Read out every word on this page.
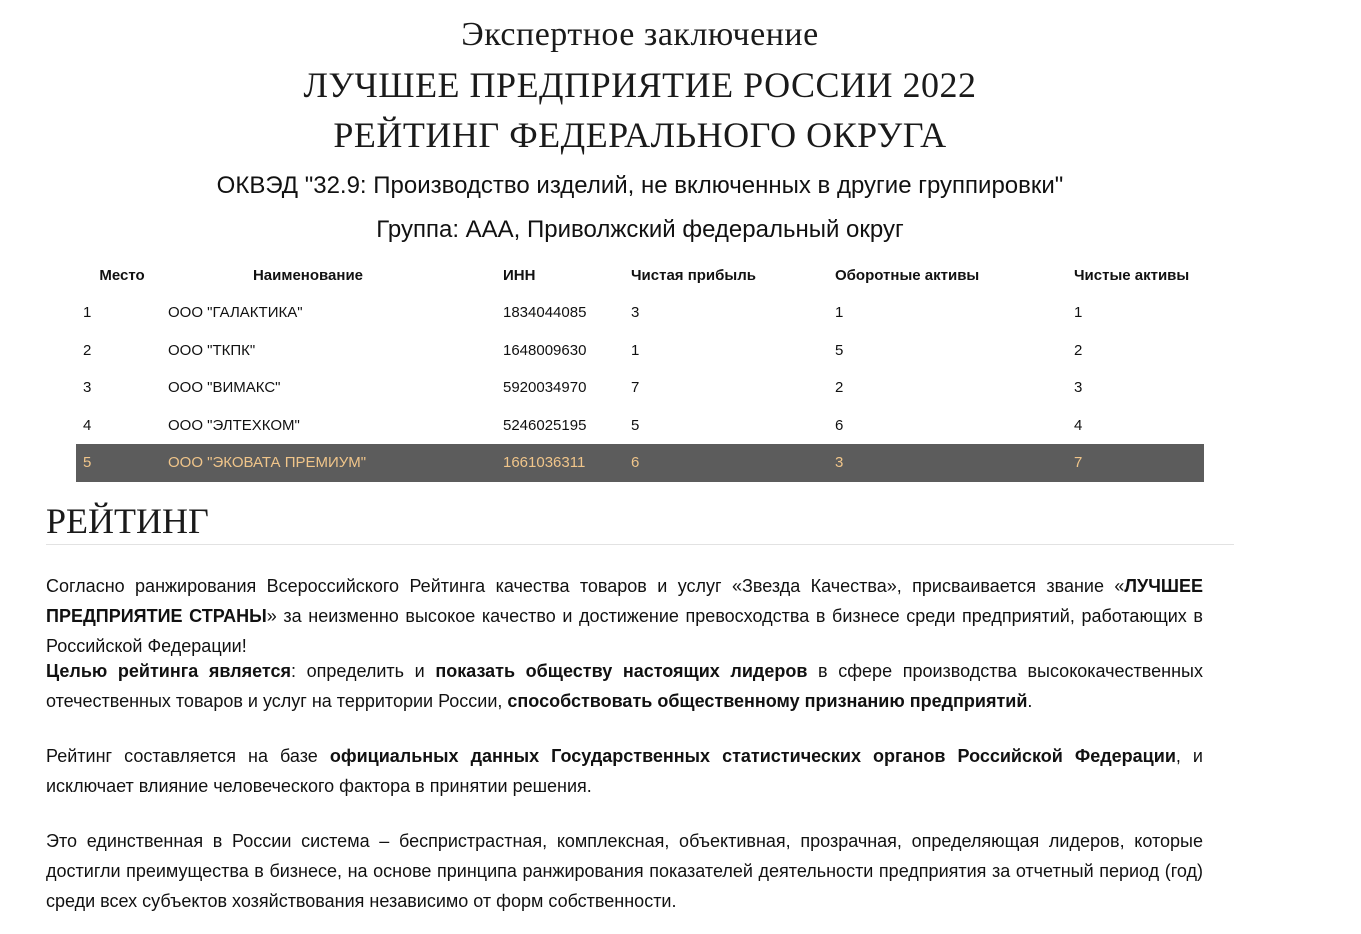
Экспертное заключение
ЛУЧШЕЕ ПРЕДПРИЯТИЕ РОССИИ 2022
РЕЙТИНГ ФЕДЕРАЛЬНОГО ОКРУГА
ОКВЭД "32.9: Производство изделий, не включенных в другие группировки"
Группа: ААА, Приволжский федеральный округ
Место	Наименование	ИНН	Чистая прибыль	Оборотные активы	Чистые активы
1	ООО "ГАЛАКТИКА"	1834044085	3	1	1
2	ООО "ТКПК"	1648009630	1	5	2
3	ООО "ВИМАКС"	5920034970	7	2	3
4	ООО "ЭЛТЕХКОМ"	5246025195	5	6	4
5	ООО "ЭКОВАТА ПРЕМИУМ"	1661036311	6	3	7
РЕЙТИНГ

Согласно ранжирования Всероссийского Рейтинга качества товаров и услуг «Звезда Качества», присваивается звание «ЛУЧШЕЕ ПРЕДПРИЯТИЕ СТРАНЫ» за неизменно высокое качество и достижение превосходства в бизнесе среди предприятий, работающих в Российской Федерации!

Целью рейтинга является: определить и показать обществу настоящих лидеров в сфере производства высококачественных отечественных товаров и услуг на территории России, способствовать общественному признанию предприятий.

Рейтинг составляется на базе официальных данных Государственных статистических органов Российской Федерации, и исключает влияние человеческого фактора в принятии решения.

Это единственная в России система – беспристрастная, комплексная, объективная, прозрачная, определяющая лидеров, которые достигли преимущества в бизнесе, на основе принципа ранжирования показателей деятельности предприятия за отчетный период (год) среди всех субъектов хозяйствования независимо от форм собственности.
